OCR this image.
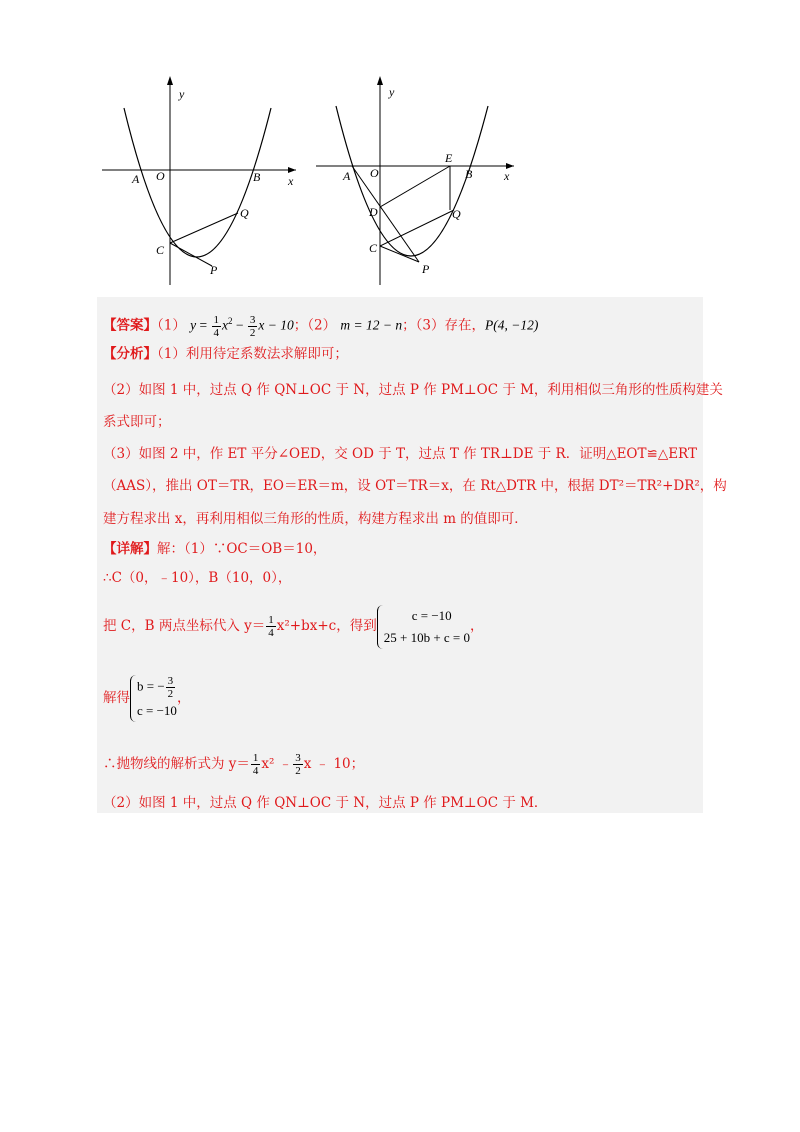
y
x
A O	B
C
Q
P
y
x
A O	B
E
D
C
Q
P
【答案】（1） $y = \frac{1}{4} x^2 - \frac{3}{2}$ x − 10；（2） m = 12 − n；（3）存在，P(4, −12)
【分析】（1）利用待定系数法求解即可；
（2）如图 1 中，过点 Q 作 QN⊥OC 于 N，过点 P 作 PM⊥OC 于 M，利用相似三角形的性质构建关
系式即可；
（3）如图 2 中，作 ET 平分∠OED，交 OD 于 T，过点 T 作 TR⊥DE 于 R．证明△EOT≌△ERT
（AAS），推出 OT＝TR，EO＝ER＝m，设 OT＝TR＝x，在 Rt△DTR 中，根据 DT²＝TR²+DR²，构
建方程求出 x，再利用相似三角形的性质，构建方程求出 m 的值即可．
【详解】解：（1）∵OC＝OB＝10，
∴C（0，﹣10），B（10，0），
把 C，B 两点坐标代入 $y= \frac{1}{4} x^2+bx+c$，得到
c = −10
25 + 10b + c = 0
，
解得
b = − $\frac{3}{2}$
c = −10
，
∴抛物线的解析式为 $y= \frac{1}{4} x^2$ ﹣ $\frac{3}{2}$ x ﹣ 10；
（2）如图 1 中，过点 Q 作 QN⊥OC 于 N，过点 P 作 PM⊥OC 于 M．
